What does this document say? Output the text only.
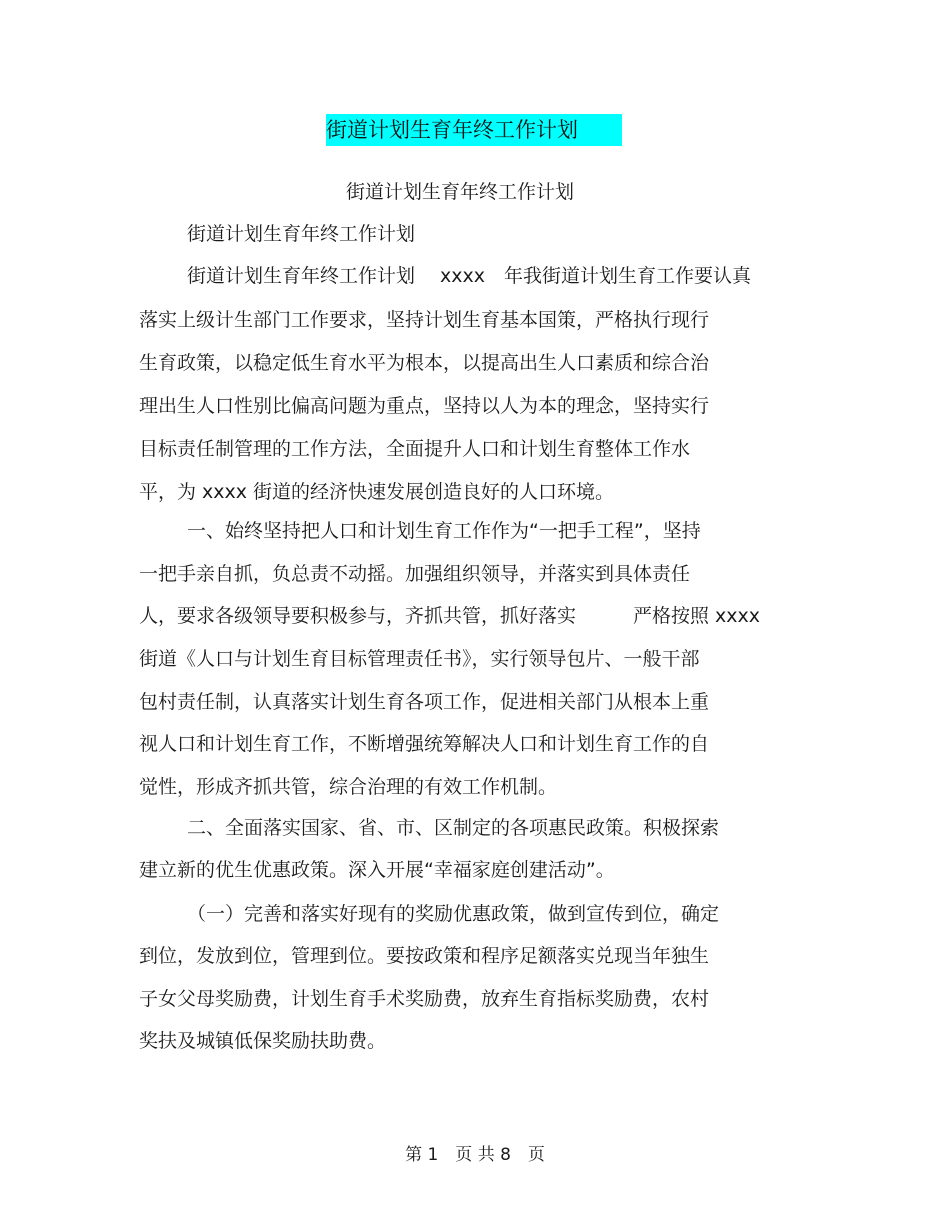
街道计划生育年终工作计划
街道计划生育年终工作计划
街道计划生育年终工作计划
街道计划生育年终工作计划　 xxxx　年我街道计划生育工作要认真
落实上级计生部门工作要求，坚持计划生育基本国策，严格执行现行
生育政策，以稳定低生育水平为根本，以提高出生人口素质和综合治
理出生人口性别比偏高问题为重点，坚持以人为本的理念，坚持实行
目标责任制管理的工作方法，全面提升人口和计划生育整体工作水
平，为 xxxx 街道的经济快速发展创造良好的人口环境。
一、始终坚持把人口和计划生育工作作为“一把手工程”，坚持
一把手亲自抓，负总责不动摇。加强组织领导，并落实到具体责任
人，要求各级领导要积极参与，齐抓共管，抓好落实　　　严格按照 xxxx
街道《人口与计划生育目标管理责任书》，实行领导包片、一般干部
包村责任制，认真落实计划生育各项工作，促进相关部门从根本上重
视人口和计划生育工作，不断增强统筹解决人口和计划生育工作的自
觉性，形成齐抓共管，综合治理的有效工作机制。
二、全面落实国家、省、市、区制定的各项惠民政策。积极探索
建立新的优生优惠政策。深入开展“幸福家庭创建活动”。
（一）完善和落实好现有的奖励优惠政策，做到宣传到位，确定
到位，发放到位，管理到位。要按政策和程序足额落实兑现当年独生
子女父母奖励费，计划生育手术奖励费，放弃生育指标奖励费，农村
奖扶及城镇低保奖励扶助费。
第 1　页 共 8　页
